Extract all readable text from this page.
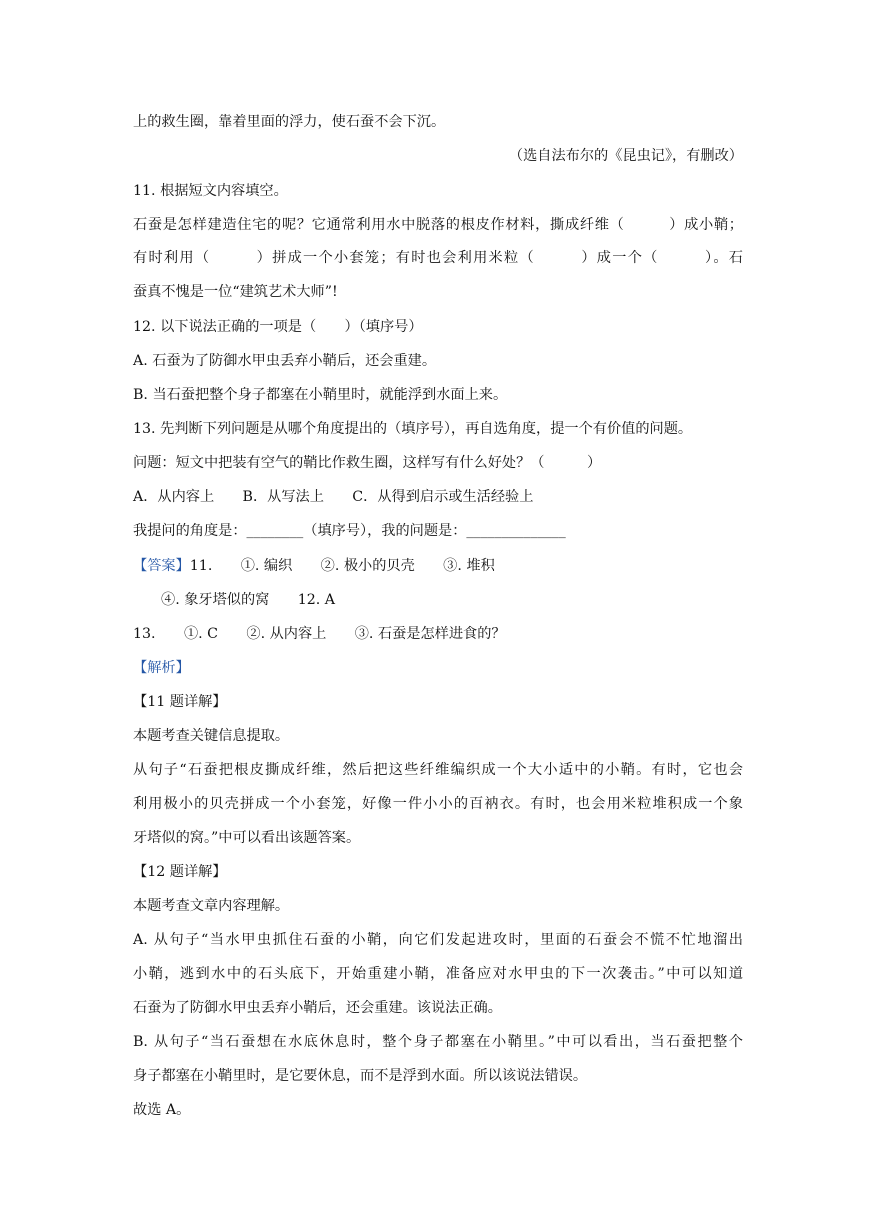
上的救生圈，靠着里面的浮力，使石蚕不会下沉。
（选自法布尔的《昆虫记》，有删改）
11. 根据短文内容填空。
石蚕是怎样建造住宅的呢？它通常利用水中脱落的根皮作材料，撕成纤维（　　　）成小鞘；
有时利用（　　　）拼成一个小套笼；有时也会利用米粒（　　　）成一个（　　　）。石
蚕真不愧是一位“建筑艺术大师”!
12. 以下说法正确的一项是（　　）（填序号）
A. 石蚕为了防御水甲虫丢弃小鞘后，还会重建。
B. 当石蚕把整个身子都塞在小鞘里时，就能浮到水面上来。
13. 先判断下列问题是从哪个角度提出的（填序号），再自选角度，提一个有价值的问题。
问题：短文中把装有空气的鞘比作救生圈，这样写有什么好处？（　　　）
A．从内容上　　B．从写法上　　C．从得到启示或生活经验上
我提问的角度是：________（填序号），我的问题是：______________
【答案】11.　　①. 编织　　②. 极小的贝壳　　③. 堆积
④. 象牙塔似的窝　　12. A
13.　　①. C　　②. 从内容上　　③. 石蚕是怎样进食的？
【解析】
【11 题详解】
本题考查关键信息提取。
从句子“石蚕把根皮撕成纤维，然后把这些纤维编织成一个大小适中的小鞘。有时，它也会
利用极小的贝壳拼成一个小套笼，好像一件小小的百衲衣。有时，也会用米粒堆积成一个象
牙塔似的窝。”中可以看出该题答案。
【12 题详解】
本题考查文章内容理解。
A. 从句子“当水甲虫抓住石蚕的小鞘，向它们发起进攻时，里面的石蚕会不慌不忙地溜出
小鞘，逃到水中的石头底下，开始重建小鞘，准备应对水甲虫的下一次袭击。”中可以知道
石蚕为了防御水甲虫丢弃小鞘后，还会重建。该说法正确。
B. 从句子“当石蚕想在水底休息时，整个身子都塞在小鞘里。”中可以看出，当石蚕把整个
身子都塞在小鞘里时，是它要休息，而不是浮到水面。所以该说法错误。
故选 A。
